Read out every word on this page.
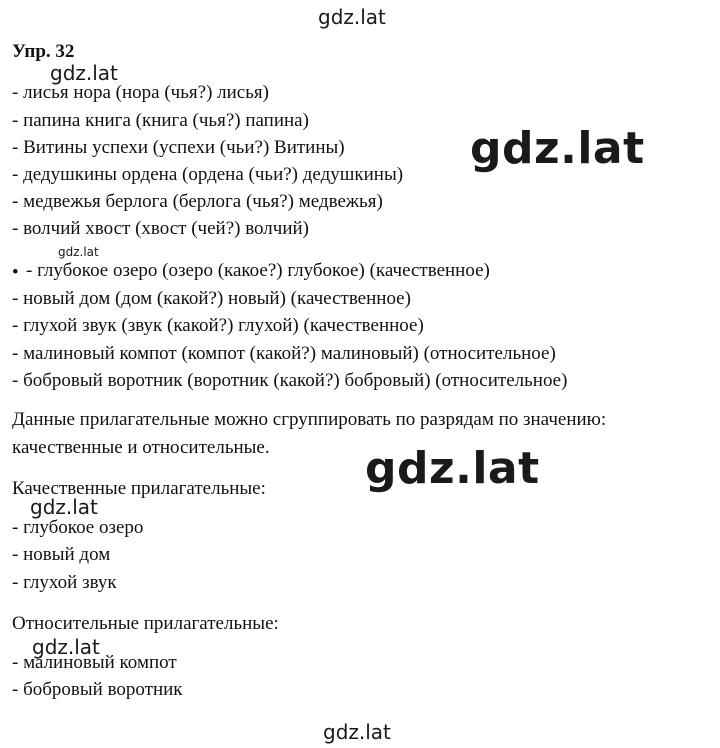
gdz.lat
gdz.lat
gdz.lat
gdz.lat
gdz.lat
gdz.lat
gdz.lat
gdz.lat
Упр. 32
- лисья нора (нора (чья?) лисья)
- папина книга (книга (чья?) папина)
- Витины успехи (успехи (чьи?) Витины)
- дедушкины ордена (ордена (чьи?) дедушкины)
- медвежья берлога (берлога (чья?) медвежья)
- волчий хвост (хвост (чей?) волчий)
• - глубокое озеро (озеро (какое?) глубокое) (качественное)
- новый дом (дом (какой?) новый) (качественное)
- глухой звук (звук (какой?) глухой) (качественное)
- малиновый компот (компот (какой?) малиновый) (относительное)
- бобровый воротник (воротник (какой?) бобровый) (относительное)
Данные прилагательные можно сгруппировать по разрядам по значению:
качественные и относительные.
Качественные прилагательные:
- глубокое озеро
- новый дом
- глухой звук
Относительные прилагательные:
- малиновый компот
- бобровый воротник
